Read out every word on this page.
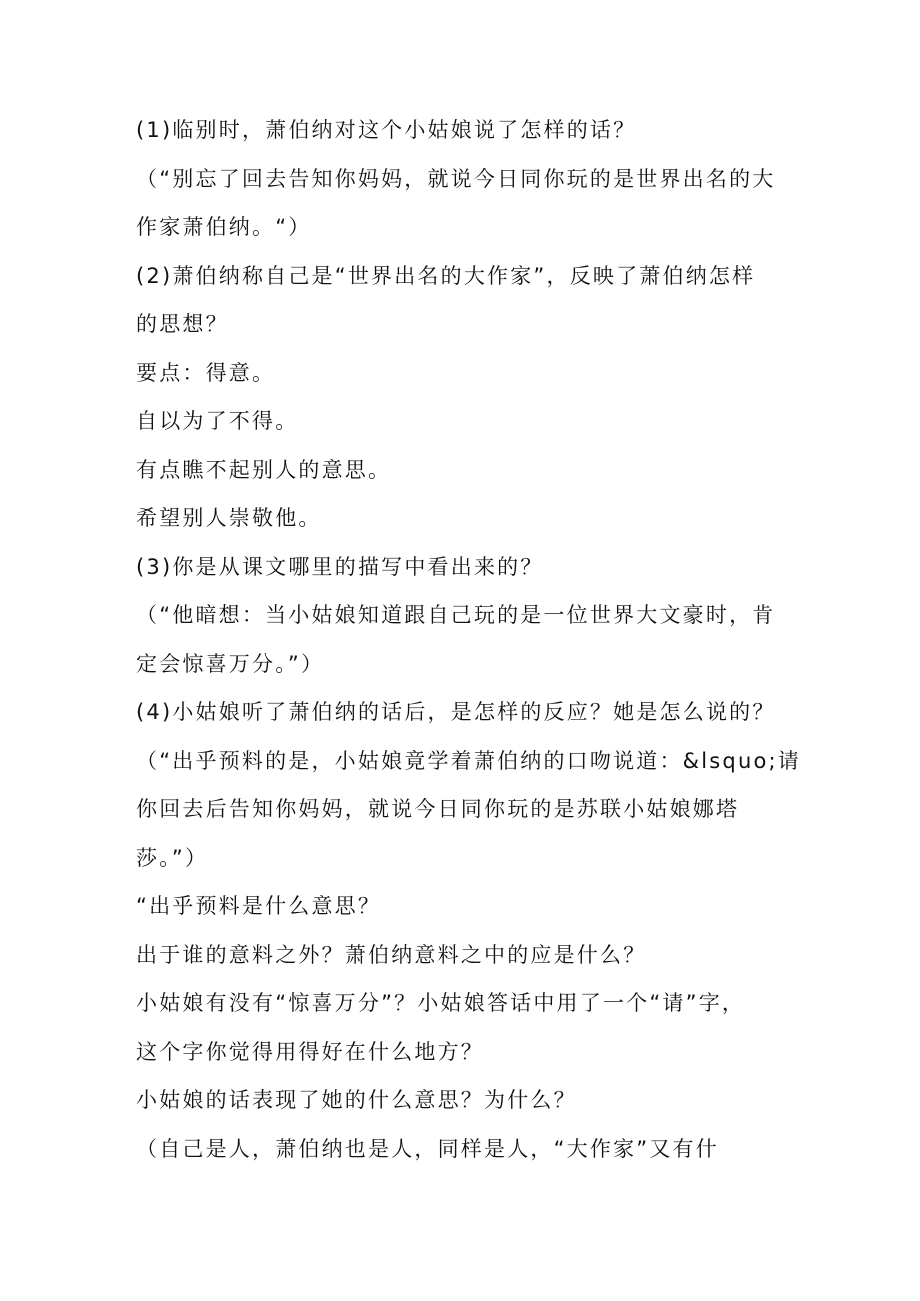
(1)临别时，萧伯纳对这个小姑娘说了怎样的话？
（“别忘了回去告知你妈妈，就说今日同你玩的是世界出名的大
作家萧伯纳。“）
(2)萧伯纳称自己是“世界出名的大作家”，反映了萧伯纳怎样
的思想？
要点：得意。
自以为了不得。
有点瞧不起别人的意思。
希望别人崇敬他。
(3)你是从课文哪里的描写中看出来的？
（“他暗想：当小姑娘知道跟自己玩的是一位世界大文豪时，肯
定会惊喜万分。”）
(4)小姑娘听了萧伯纳的话后，是怎样的反应？她是怎么说的？
（“出乎预料的是，小姑娘竟学着萧伯纳的口吻说道：&lsquo;请
你回去后告知你妈妈，就说今日同你玩的是苏联小姑娘娜塔
莎。”）
“出乎预料是什么意思？
出于谁的意料之外？萧伯纳意料之中的应是什么？
小姑娘有没有“惊喜万分”？小姑娘答话中用了一个“请”字，
这个字你觉得用得好在什么地方？
小姑娘的话表现了她的什么意思？为什么？
（自己是人，萧伯纳也是人，同样是人，“大作家”又有什
